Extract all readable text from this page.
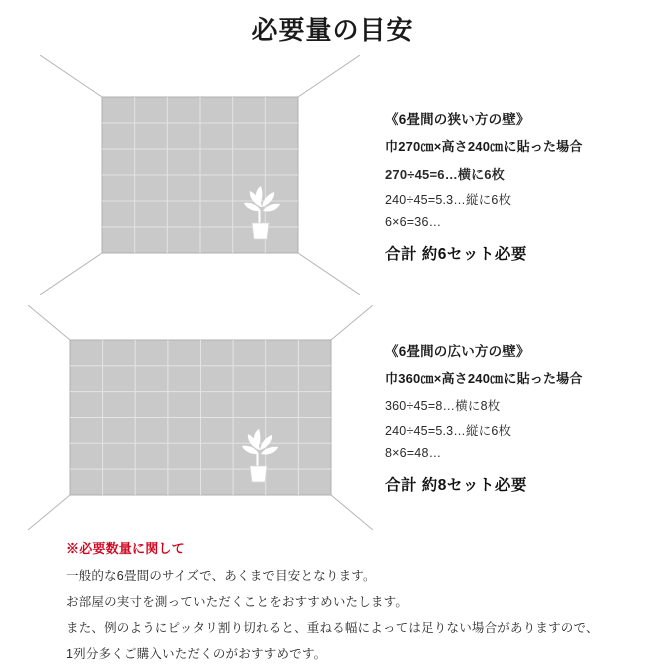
必要量の目安
《6畳間の狭い方の壁》
巾270㎝×高さ240㎝に貼った場合
270÷45=6…横に6枚
240÷45=5.3…縦に6枚
6×6=36…
合計 約6セット必要
《6畳間の広い方の壁》
巾360㎝×高さ240㎝に貼った場合
360÷45=8…横に8枚
240÷45=5.3…縦に6枚
8×6=48…
合計 約8セット必要
※必要数量に関して
一般的な6畳間のサイズで、あくまで目安となります。
お部屋の実寸を測っていただくことをおすすめいたします。
また、例のようにピッタリ割り切れると、重ねる幅によっては足りない場合がありますので、
1列分多くご購入いただくのがおすすめです。
